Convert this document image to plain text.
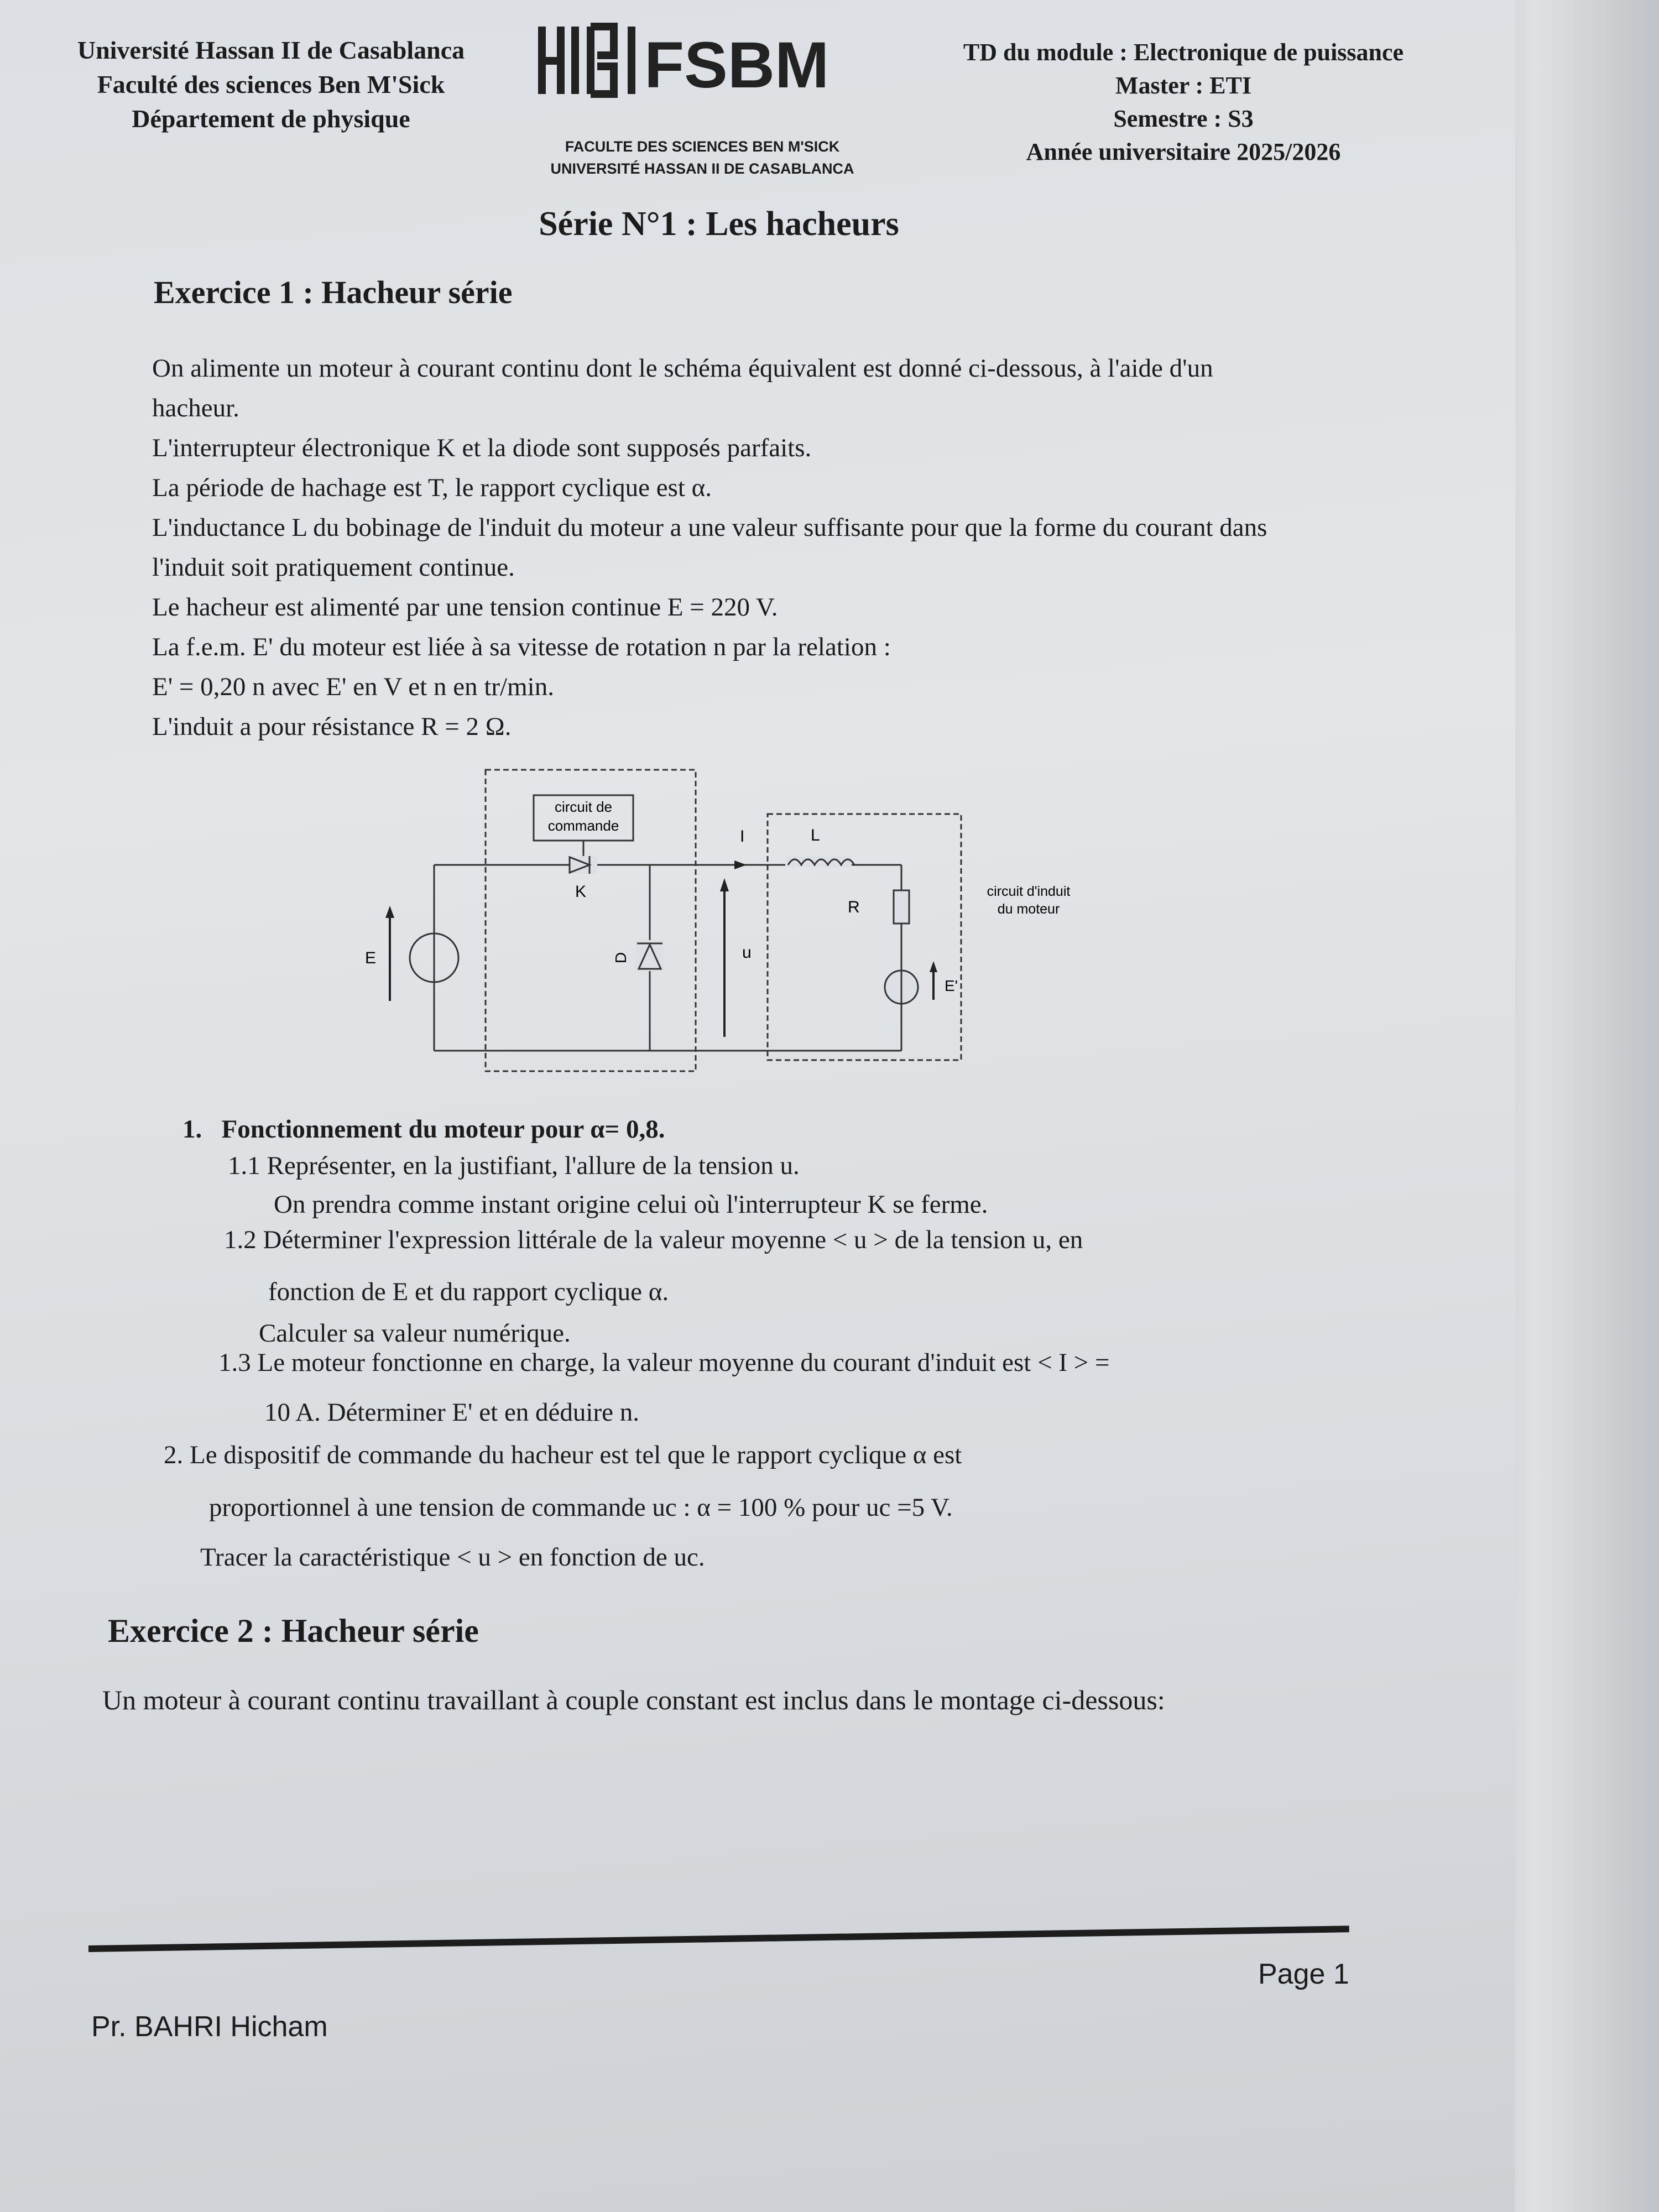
Université Hassan II de Casablanca
Faculté des sciences Ben M'Sick
Département de physique
FSBM
FACULTE DES SCIENCES BEN M'SICK
UNIVERSITÉ HASSAN II DE CASABLANCA
TD du module : Electronique de puissance
Master : ETI
Semestre : S3
Année universitaire 2025/2026
Série N°1 : Les hacheurs
Exercice 1 : Hacheur série

On alimente un moteur à courant continu dont le schéma équivalent est donné ci-dessous, à l'aide d'un hacheur.

L'interrupteur électronique K et la diode sont supposés parfaits.

La période de hachage est T, le rapport cyclique est α.

L'inductance L du bobinage de l'induit du moteur a une valeur suffisante pour que la forme du courant dans l'induit soit pratiquement continue.

Le hacheur est alimenté par une tension continue E = 220 V.

La f.e.m. E' du moteur est liée à sa vitesse de rotation n par la relation :

E' = 0,20 n avec E' en V et n en tr/min.

L'induit a pour résistance R = 2 Ω.

E
K
circuit de
commande
D	u
I	L
R
E'
circuit d'induit
du moteur
1. Fonctionnement du moteur pour α= 0,8.
1.1 Représenter, en la justifiant, l'allure de la tension u.
On prendra comme instant origine celui où l'interrupteur K se ferme.
1.2 Déterminer l'expression littérale de la valeur moyenne < u > de la tension u, en
fonction de E et du rapport cyclique α.
Calculer sa valeur numérique.
1.3 Le moteur fonctionne en charge, la valeur moyenne du courant d'induit est < I > =
10 A. Déterminer E' et en déduire n.
2. Le dispositif de commande du hacheur est tel que le rapport cyclique α est
proportionnel à une tension de commande uc : α = 100 % pour uc =5 V.
Tracer la caractéristique < u > en fonction de uc.
Exercice 2 : Hacheur série
Un moteur à courant continu travaillant à couple constant est inclus dans le montage ci-dessous:
Page 1
Pr. BAHRI Hicham
